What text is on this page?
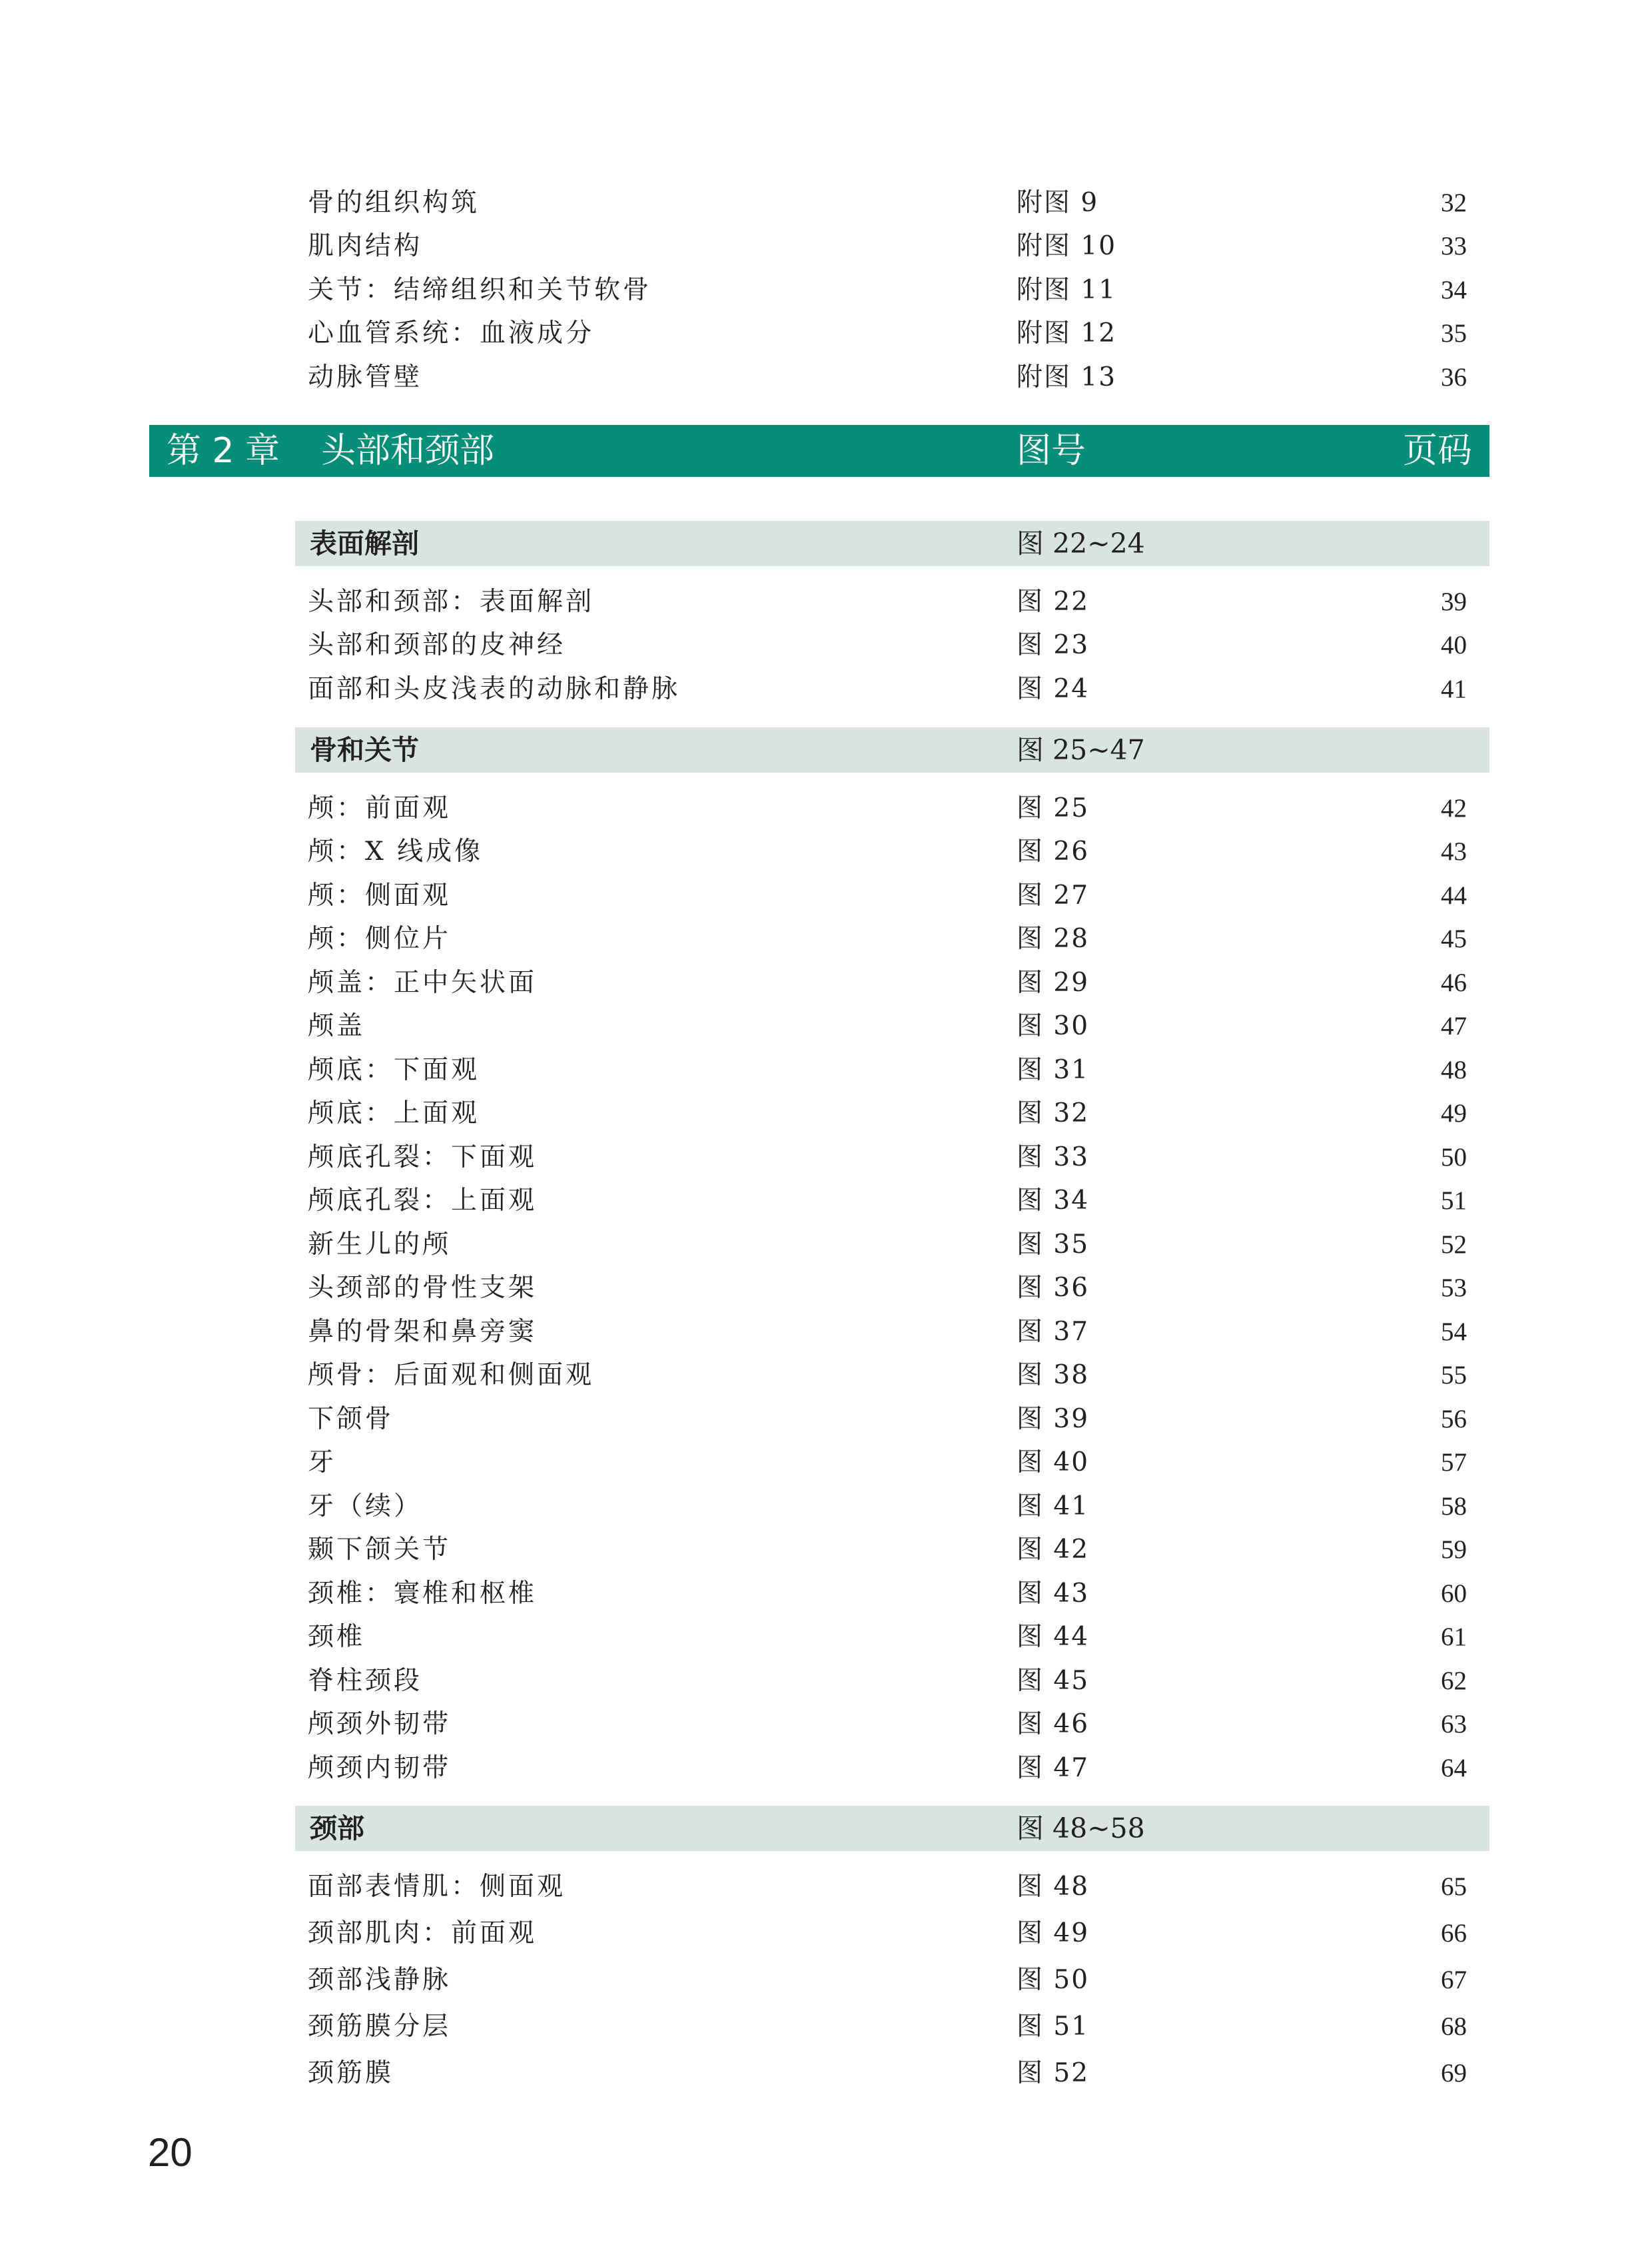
骨的组织构筑	附图 9	32
肌肉结构	附图 10	33
关节：结缔组织和关节软骨	附图 11	34
心血管系统：血液成分	附图 12	35
动脉管壁	附图 13	36
第 2 章 头部和颈部	图号	页码
表面解剖	图 22~24
头部和颈部：表面解剖	图 22	39
头部和颈部的皮神经	图 23	40
面部和头皮浅表的动脉和静脉	图 24	41
骨和关节	图 25~47
颅：前面观	图 25	42
颅：X 线成像	图 26	43
颅：侧面观	图 27	44
颅：侧位片	图 28	45
颅盖：正中矢状面	图 29	46
颅盖	图 30	47
颅底：下面观	图 31	48
颅底：上面观	图 32	49
颅底孔裂：下面观	图 33	50
颅底孔裂：上面观	图 34	51
新生儿的颅	图 35	52
头颈部的骨性支架	图 36	53
鼻的骨架和鼻旁窦	图 37	54
颅骨：后面观和侧面观	图 38	55
下颌骨	图 39	56
牙	图 40	57
牙（续）	图 41	58
颞下颌关节	图 42	59
颈椎：寰椎和枢椎	图 43	60
颈椎	图 44	61
脊柱颈段	图 45	62
颅颈外韧带	图 46	63
颅颈内韧带	图 47	64
颈部	图 48~58
面部表情肌：侧面观	图 48	65
颈部肌肉：前面观	图 49	66
颈部浅静脉	图 50	67
颈筋膜分层	图 51	68
颈筋膜	图 52	69
20
